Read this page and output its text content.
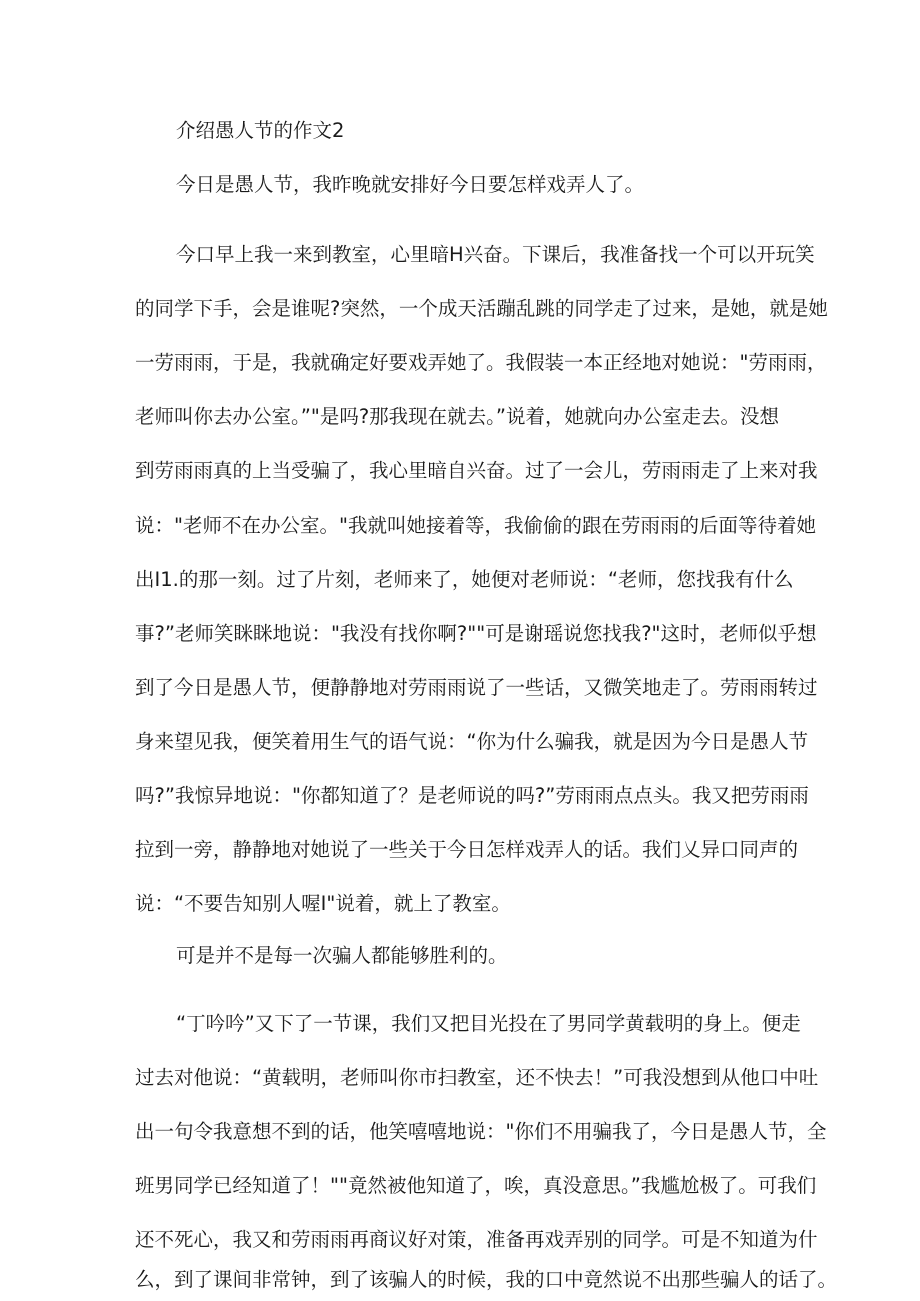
介绍愚人节的作文2
今日是愚人节，我昨晚就安排好今日要怎样戏弄人了。
今口早上我一来到教室，心里暗H兴奋。下课后，我准备找一个可以开玩笑
的同学下手，会是谁呢?突然，一个成天活蹦乱跳的同学走了过来，是她，就是她
一劳雨雨，于是，我就确定好要戏弄她了。我假装一本正经地对她说："劳雨雨，
老师叫你去办公室。”"是吗?那我现在就去。”说着，她就向办公室走去。没想
到劳雨雨真的上当受骗了，我心里暗自兴奋。过了一会儿，劳雨雨走了上来对我
说："老师不在办公室。"我就叫她接着等，我偷偷的跟在劳雨雨的后面等待着她
出I1.的那一刻。过了片刻，老师来了，她便对老师说：“老师，您找我有什么
事?”老师笑眯眯地说："我没有找你啊?""可是谢瑶说您找我?"这时，老师似乎想
到了今日是愚人节，便静静地对劳雨雨说了一些话，又微笑地走了。劳雨雨转过
身来望见我，便笑着用生气的语气说：“你为什么骗我，就是因为今日是愚人节
吗?”我惊异地说："你都知道了？是老师说的吗?”劳雨雨点点头。我又把劳雨雨
拉到一旁，静静地对她说了一些关于今日怎样戏弄人的话。我们乂异口同声的
说：“不要告知别人喔I"说着，就上了教室。
可是并不是每一次骗人都能够胜利的。
“丁吟吟”又下了一节课，我们又把目光投在了男同学黄载明的身上。便走
过去对他说：“黄载明，老师叫你市扫教室，还不快去！”可我没想到从他口中吐
出一句令我意想不到的话，他笑嘻嘻地说："你们不用骗我了，今日是愚人节，全
班男同学已经知道了！""竟然被他知道了，唉，真没意思。”我尴尬极了。可我们
还不死心，我又和劳雨雨再商议好对策，准备再戏弄别的同学。可是不知道为什
么，到了课间非常钟，到了该骗人的时候，我的口中竟然说不出那些骗人的话了。
